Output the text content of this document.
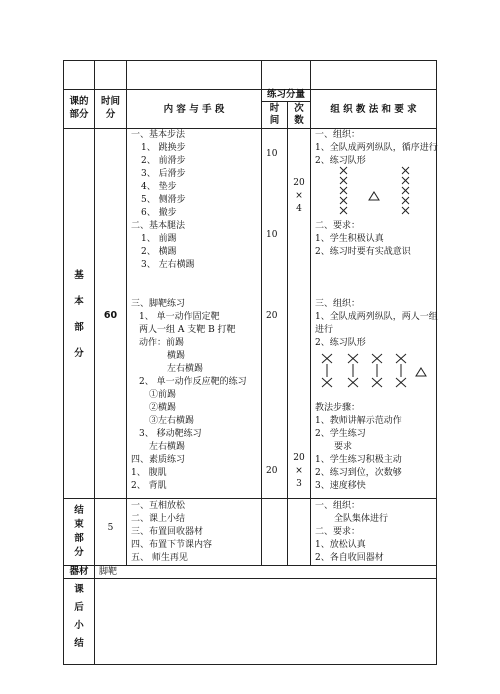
课的部分
时间分	内 容 与 手 段
练习分量
时间
次数
组 织 教 法 和 要 求
基
本
部
分
60
一、基本步法
1、 跳换步
2、 前滑步
3、 后滑步
4、 垫步
5、 侧滑步
6、 撤步
二、基本腿法
1、 前踢
2、 横踢
3、 左右横踢
三、脚靶练习
1、 单一动作固定靶
两人一组 A 支靶 B 打靶
动作：前踢
横踢
左右横踢
2、 单一动作反应靶的练习
①前踢
②横踢
③左右横踢
3、 移动靶练习
左右横踢
四、素质练习
1、 腹肌
2、 背肌
10
10
20
20
20
×
4
20
×
3
一、组织：
1、全队成两列纵队，循序进行
2、练习队形
二、要求：
1、学生积极认真
2、练习时要有实战意识
三、组织：
1、全队成两列纵队，两人一组
进行
2、练习队形
教法步骤：
1、教师讲解示范动作
2、学生练习
要求
1、学生练习积极主动
2、练习到位，次数够
3、速度移快
结
束
部
分
5
一、互相放松
二、课上小结
三、布置回收器材
四、布置下节课内容
五、 师生再见
一、组织：
全队集体进行
二、要求：
1、放松认真
2、各自收回器材
器材	脚靶
课
后
小
结
